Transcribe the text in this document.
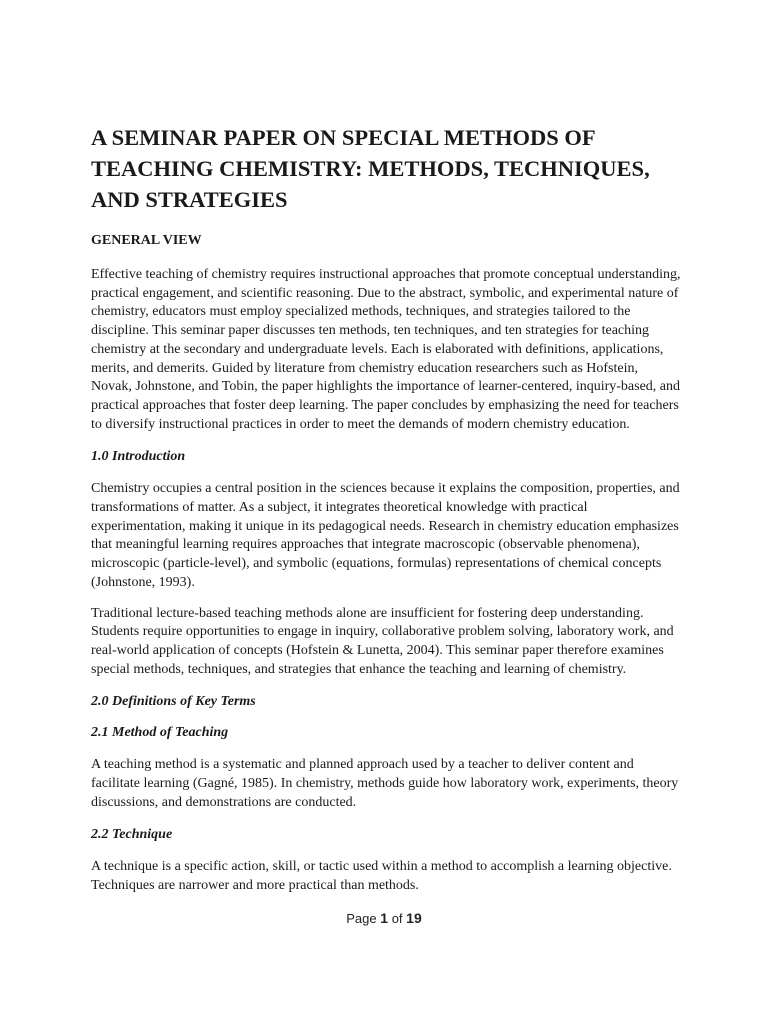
A SEMINAR PAPER ON SPECIAL METHODS OF TEACHING CHEMISTRY: METHODS, TECHNIQUES, AND STRATEGIES
GENERAL VIEW

Effective teaching of chemistry requires instructional approaches that promote conceptual understanding, practical engagement, and scientific reasoning. Due to the abstract, symbolic, and experimental nature of chemistry, educators must employ specialized methods, techniques, and strategies tailored to the discipline. This seminar paper discusses ten methods, ten techniques, and ten strategies for teaching chemistry at the secondary and undergraduate levels. Each is elaborated with definitions, applications, merits, and demerits. Guided by literature from chemistry education researchers such as Hofstein, Novak, Johnstone, and Tobin, the paper highlights the importance of learner-centered, inquiry-based, and practical approaches that foster deep learning. The paper concludes by emphasizing the need for teachers to diversify instructional practices in order to meet the demands of modern chemistry education.

1.0 Introduction

Chemistry occupies a central position in the sciences because it explains the composition, properties, and transformations of matter. As a subject, it integrates theoretical knowledge with practical experimentation, making it unique in its pedagogical needs. Research in chemistry education emphasizes that meaningful learning requires approaches that integrate macroscopic (observable phenomena), microscopic (particle-level), and symbolic (equations, formulas) representations of chemical concepts (Johnstone, 1993).

Traditional lecture-based teaching methods alone are insufficient for fostering deep understanding. Students require opportunities to engage in inquiry, collaborative problem solving, laboratory work, and real-world application of concepts (Hofstein & Lunetta, 2004). This seminar paper therefore examines special methods, techniques, and strategies that enhance the teaching and learning of chemistry.

2.0 Definitions of Key Terms
2.1 Method of Teaching

A teaching method is a systematic and planned approach used by a teacher to deliver content and facilitate learning (Gagné, 1985). In chemistry, methods guide how laboratory work, experiments, theory discussions, and demonstrations are conducted.

2.2 Technique

A technique is a specific action, skill, or tactic used within a method to accomplish a learning objective. Techniques are narrower and more practical than methods.

Page 1 of 19
